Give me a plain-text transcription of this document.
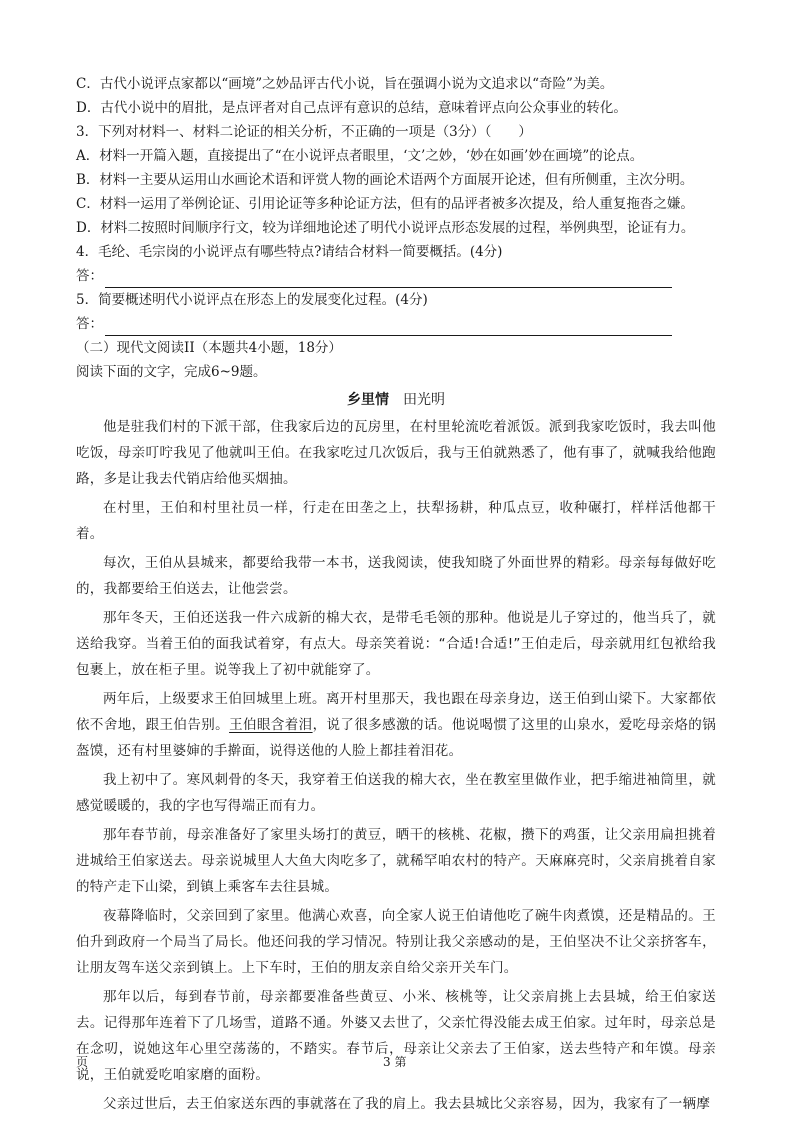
C．古代小说评点家都以“画境”之妙品评古代小说，旨在强调小说为文追求以“奇险”为美。

D．古代小说中的眉批，是点评者对自己点评有意识的总结，意味着评点向公众事业的转化。

3．下列对材料一、材料二论证的相关分析，不正确的一项是（3分）（　　）

A．材料一开篇入题，直接提出了“在小说评点者眼里，‘文’之妙，‘妙在如画’妙在画境”的论点。

B．材料一主要从运用山水画论术语和评赏人物的画论术语两个方面展开论述，但有所侧重，主次分明。

C．材料一运用了举例论证、引用论证等多种论证方法，但有的品评者被多次提及，给人重复拖沓之嫌。

D．材料二按照时间顺序行文，较为详细地论述了明代小说评点形态发展的过程，举例典型，论证有力。

4．毛纶、毛宗岗的小说评点有哪些特点?请结合材料一简要概括。(4分)

答：

5．简要概述明代小说评点在形态上的发展变化过程。(4分)

答：

（二）现代文阅读II（本题共4小题，18分）

阅读下面的文字，完成6~9题。

乡里情 田光明

他是驻我们村的下派干部，住我家后边的瓦房里，在村里轮流吃着派饭。派到我家吃饭时，我去叫他吃饭，母亲叮咛我见了他就叫王伯。在我家吃过几次饭后，我与王伯就熟悉了，他有事了，就喊我给他跑路，多是让我去代销店给他买烟抽。

在村里，王伯和村里社员一样，行走在田垄之上，扶犁扬耕，种瓜点豆，收种碾打，样样活他都干着。

每次，王伯从县城来，都要给我带一本书，送我阅读，使我知晓了外面世界的精彩。母亲每每做好吃的，我都要给王伯送去，让他尝尝。

那年冬天，王伯还送我一件六成新的棉大衣，是带毛毛领的那种。他说是儿子穿过的，他当兵了，就送给我穿。当着王伯的面我试着穿，有点大。母亲笑着说：“合适!合适!”王伯走后，母亲就用红包袱给我包裹上，放在柜子里。说等我上了初中就能穿了。

两年后，上级要求王伯回城里上班。离开村里那天，我也跟在母亲身边，送王伯到山梁下。大家都依依不舍地，跟王伯告别。王伯眼含着泪，说了很多感激的话。他说喝惯了这里的山泉水，爱吃母亲烙的锅盔馍，还有村里婆婶的手擀面，说得送他的人脸上都挂着泪花。

我上初中了。寒风刺骨的冬天，我穿着王伯送我的棉大衣，坐在教室里做作业，把手缩进袖筒里，就感觉暖暖的，我的字也写得端正而有力。

那年春节前，母亲准备好了家里头场打的黄豆，晒干的核桃、花椒，攒下的鸡蛋，让父亲用扁担挑着进城给王伯家送去。母亲说城里人大鱼大肉吃多了，就稀罕咱农村的特产。天麻麻亮时，父亲肩挑着自家的特产走下山梁，到镇上乘客车去往县城。

夜幕降临时，父亲回到了家里。他满心欢喜，向全家人说王伯请他吃了碗牛肉煮馍，还是精品的。王伯升到政府一个局当了局长。他还问我的学习情况。特别让我父亲感动的是，王伯坚决不让父亲挤客车，让朋友驾车送父亲到镇上。上下车时，王伯的朋友亲自给父亲开关车门。

那年以后，每到春节前，母亲都要准备些黄豆、小米、核桃等，让父亲肩挑上去县城，给王伯家送去。记得那年连着下了几场雪，道路不通。外婆又去世了，父亲忙得没能去成王伯家。过年时，母亲总是在念叨，说她这年心里空荡荡的，不踏实。春节后，母亲让父亲去了王伯家，送去些特产和年馍。母亲说，王伯就爱吃咱家磨的面粉。

父亲过世后，去王伯家送东西的事就落在了我的肩上。我去县城比父亲容易，因为，我家有了一辆摩

页	3 第
